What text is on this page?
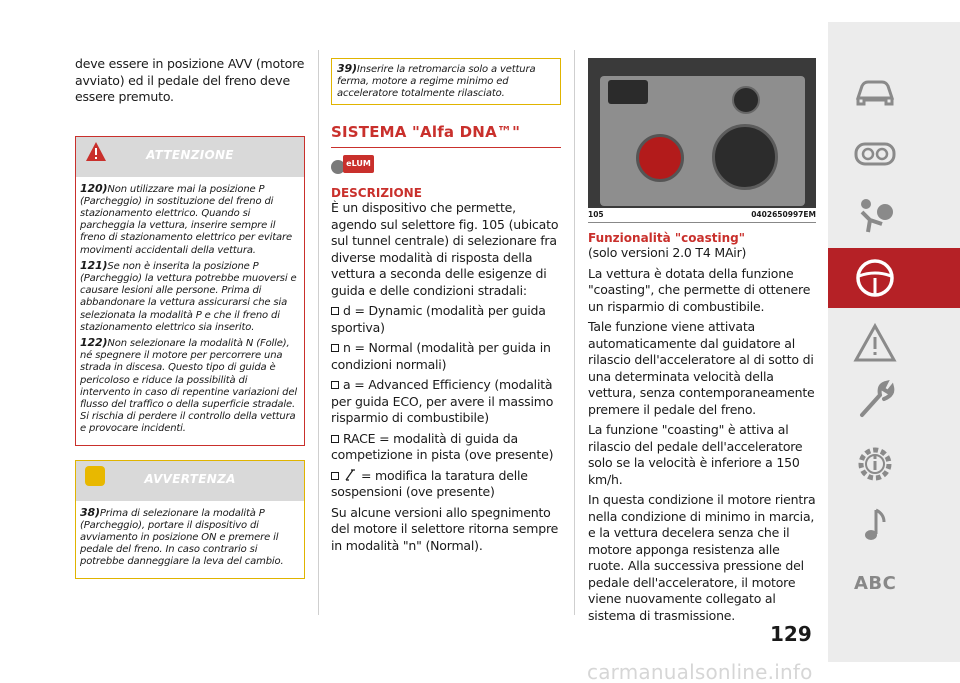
deve essere in posizione AVV (motore avviato) ed il pedale del freno deve essere premuto.
ATTENZIONE

120)Non utilizzare mai la posizione P (Parcheggio) in sostituzione del freno di stazionamento elettrico. Quando si parcheggia la vettura, inserire sempre il freno di stazionamento elettrico per evitare movimenti accidentali della vettura.

121)Se non è inserita la posizione P (Parcheggio) la vettura potrebbe muoversi e causare lesioni alle persone. Prima di abbandonare la vettura assicurarsi che sia selezionata la modalità P e che il freno di stazionamento elettrico sia inserito.

122)Non selezionare la modalità N (Folle), né spegnere il motore per percorrere una strada in discesa. Questo tipo di guida è pericoloso e riduce la possibilità di intervento in caso di repentine variazioni del flusso del traffico o della superficie stradale. Si rischia di perdere il controllo della vettura e provocare incidenti.

AVVERTENZA

38)Prima di selezionare la modalità P (Parcheggio), portare il dispositivo di avviamento in posizione ON e premere il pedale del freno. In caso contrario si potrebbe danneggiare la leva del cambio.

39)Inserire la retromarcia solo a vettura ferma, motore a regime minimo ed acceleratore totalmente rilasciato.
SISTEMA "Alfa DNA™"
eLUM
DESCRIZIONE

È un dispositivo che permette, agendo sul selettore fig. 105 (ubicato sul tunnel centrale) di selezionare fra diverse modalità di risposta della vettura a seconda delle esigenze di guida e delle condizioni stradali:

d = Dynamic (modalità per guida sportiva)

n = Normal (modalità per guida in condizioni normali)

a = Advanced Efficiency (modalità per guida ECO, per avere il massimo risparmio di combustibile)

RACE = modalità di guida da competizione in pista (ove presente)

= modifica la taratura delle sospensioni (ove presente)

Su alcune versioni allo spegnimento del motore il selettore ritorna sempre in modalità "n" (Normal).

105	0402650997EM
Funzionalità "coasting"

(solo versioni 2.0 T4 MAir)

La vettura è dotata della funzione "coasting", che permette di ottenere un risparmio di combustibile.

Tale funzione viene attivata automaticamente dal guidatore al rilascio dell'acceleratore al di sotto di una determinata velocità della vettura, senza contemporaneamente premere il pedale del freno.

La funzione "coasting" è attiva al rilascio del pedale dell'acceleratore solo se la velocità è inferiore a 150 km/h.

In questa condizione il motore rientra nella condizione di minimo in marcia, e la vettura decelera senza che il motore apponga resistenza alle ruote. Alla successiva pressione del pedale dell'acceleratore, il motore viene nuovamente collegato al sistema di trasmissione.

129
ABC
carmanualsonline.info
